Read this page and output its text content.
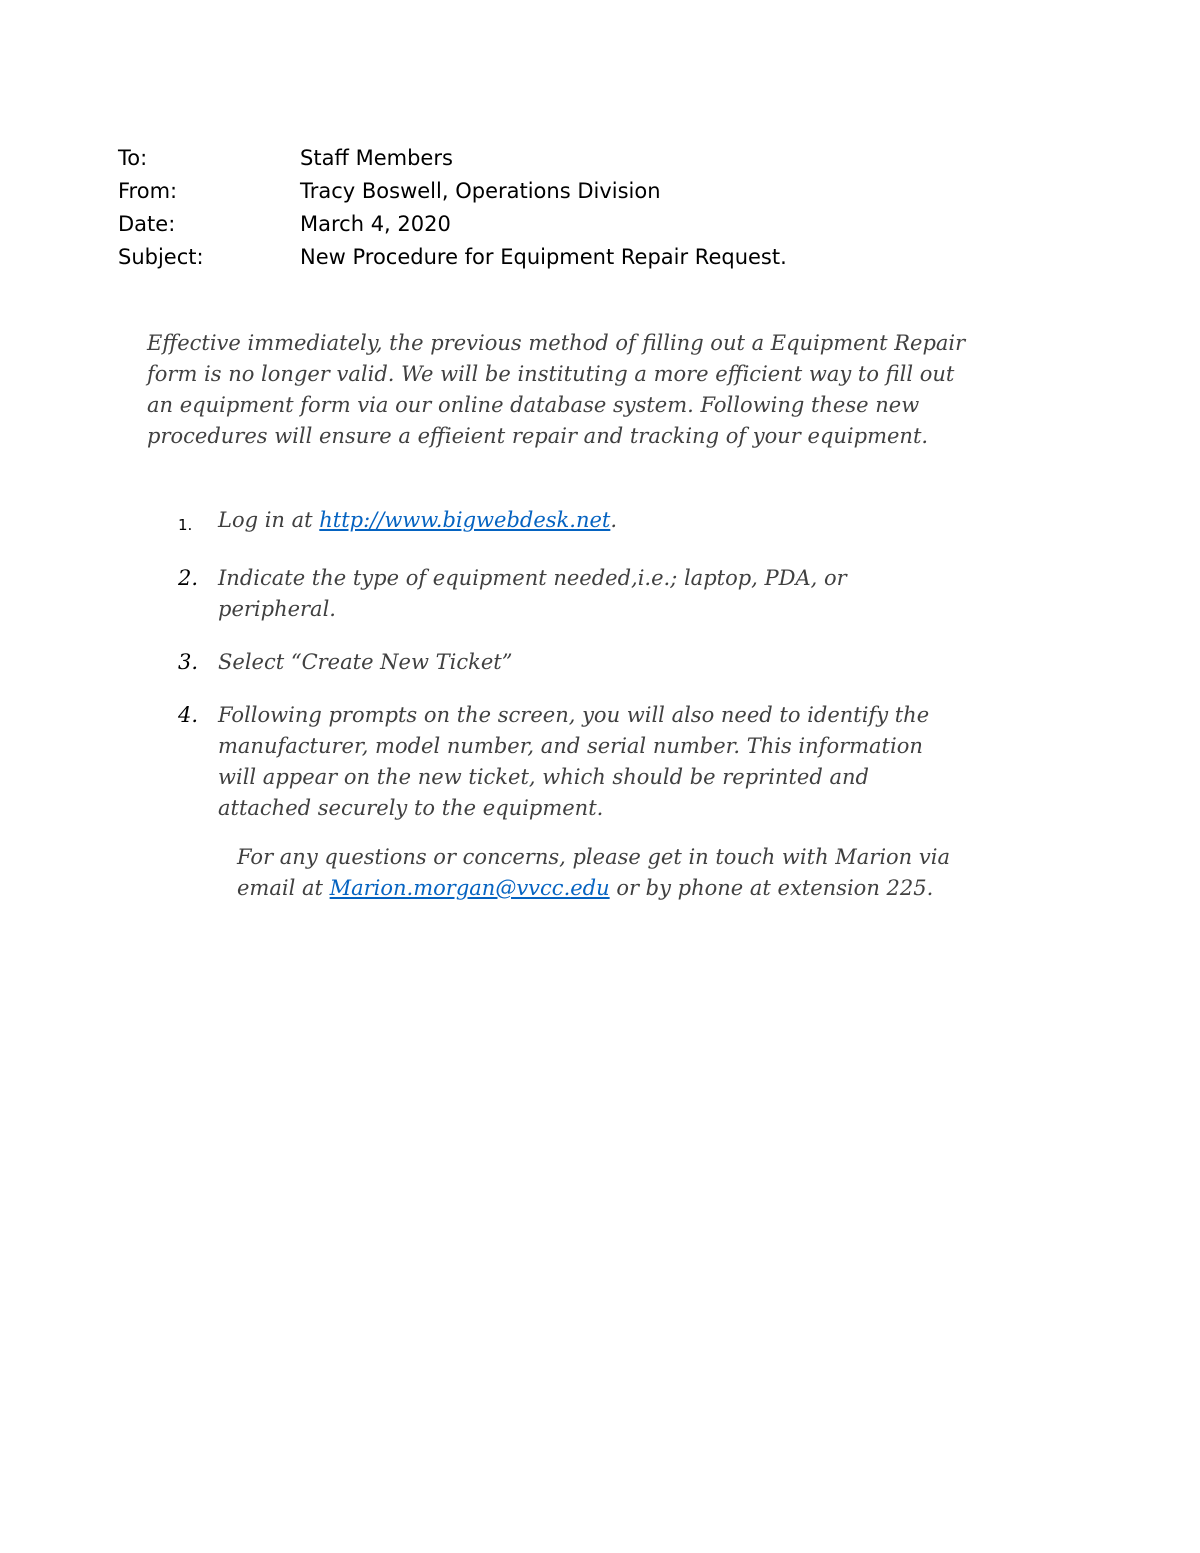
To:	Staff Members
From:	Tracy Boswell, Operations Division
Date:	March 4, 2020
Subject:	New Procedure for Equipment Repair Request.

Effective immediately, the previous method of filling out a Equipment Repair form is no longer valid. We will be instituting a more efficient way to fill out an equipment form via our online database system. Following these new procedures will ensure a effieient repair and tracking of your equipment.

1.	Log in at http://www.bigwebdesk.net.
2. Indicate the type of equipment needed,i.e.; laptop, PDA, or peripheral.
3. Select “Create New Ticket”
4. Following prompts on the screen, you will also need to identify the manufacturer, model number, and serial number. This information will appear on the new ticket, which should be reprinted and attached securely to the equipment.

For any questions or concerns, please get in touch with Marion via email at Marion.morgan@vvcc.edu or by phone at extension 225.
